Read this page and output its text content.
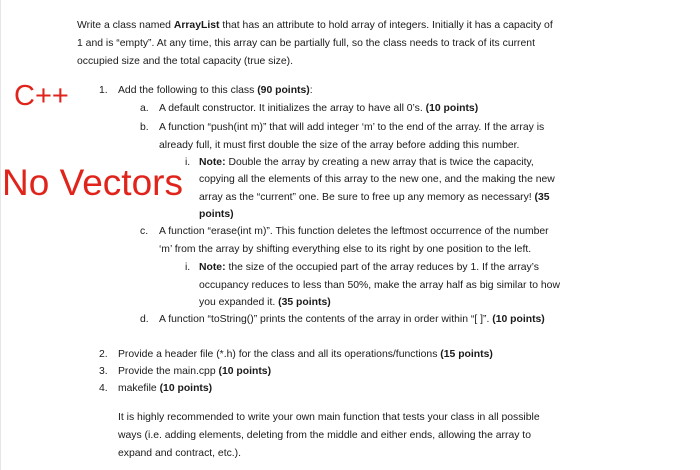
Write a class named ArrayList that has an attribute to hold array of integers. Initially it has a capacity of
1 and is “empty”. At any time, this array can be partially full, so the class needs to track of its current
occupied size and the total capacity (true size).
C++
No Vectors
1. Add the following to this class (90 points):
a. A default constructor. It initializes the array to have all 0’s. (10 points)
b. A function “push(int m)” that will add integer ‘m’ to the end of the array. If the array is
already full, it must first double the size of the array before adding this number.
i. Note: Double the array by creating a new array that is twice the capacity,
copying all the elements of this array to the new one, and the making the new
array as the “current” one. Be sure to free up any memory as necessary! (35
points)
c. A function “erase(int m)”. This function deletes the leftmost occurrence of the number
‘m’ from the array by shifting everything else to its right by one position to the left.
i. Note: the size of the occupied part of the array reduces by 1. If the array’s
occupancy reduces to less than 50%, make the array half as big similar to how
you expanded it. (35 points)
d. A function “toString()” prints the contents of the array in order within “[ ]”. (10 points)
2. Provide a header file (*.h) for the class and all its operations/functions (15 points)
3. Provide the main.cpp (10 points)
4. makefile (10 points)
It is highly recommended to write your own main function that tests your class in all possible
ways (i.e. adding elements, deleting from the middle and either ends, allowing the array to
expand and contract, etc.).
